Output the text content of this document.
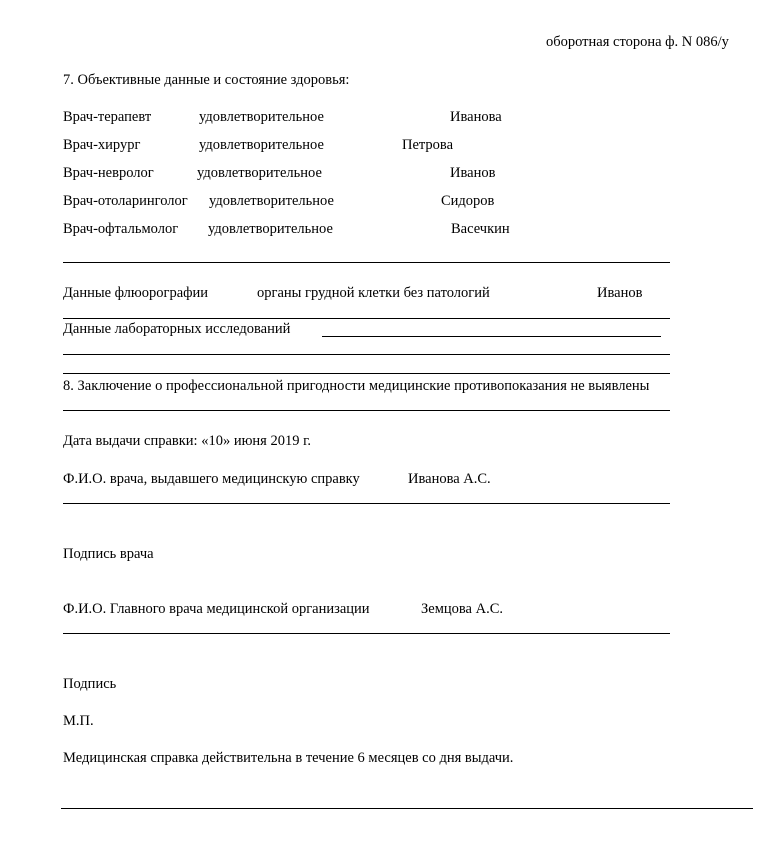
оборотная сторона ф. N 086/у
7. Объективные данные и состояние здоровья:
Врач-терапевт	удовлетворительное	Иванова
Врач-хирург	удовлетворительное	Петрова
Врач-невролог	удовлетворительное	Иванов
Врач-отоларинголог удовлетворительное	Сидоров
Врач-офтальмолог удовлетворительное	Васечкин
Данные флюорографии	органы грудной клетки без патологий	Иванов
Данные лабораторных исследований
8. Заключение о профессиональной пригодности медицинские противопоказания не выявлены
Дата выдачи справки: «10» июня 2019 г.
Ф.И.О. врача, выдавшего медицинскую справку	Иванова А.С.
Подпись врача
Ф.И.О. Главного врача медицинской организации	Земцова А.С.
Подпись
М.П.
Медицинская справка действительна в течение 6 месяцев со дня выдачи.
